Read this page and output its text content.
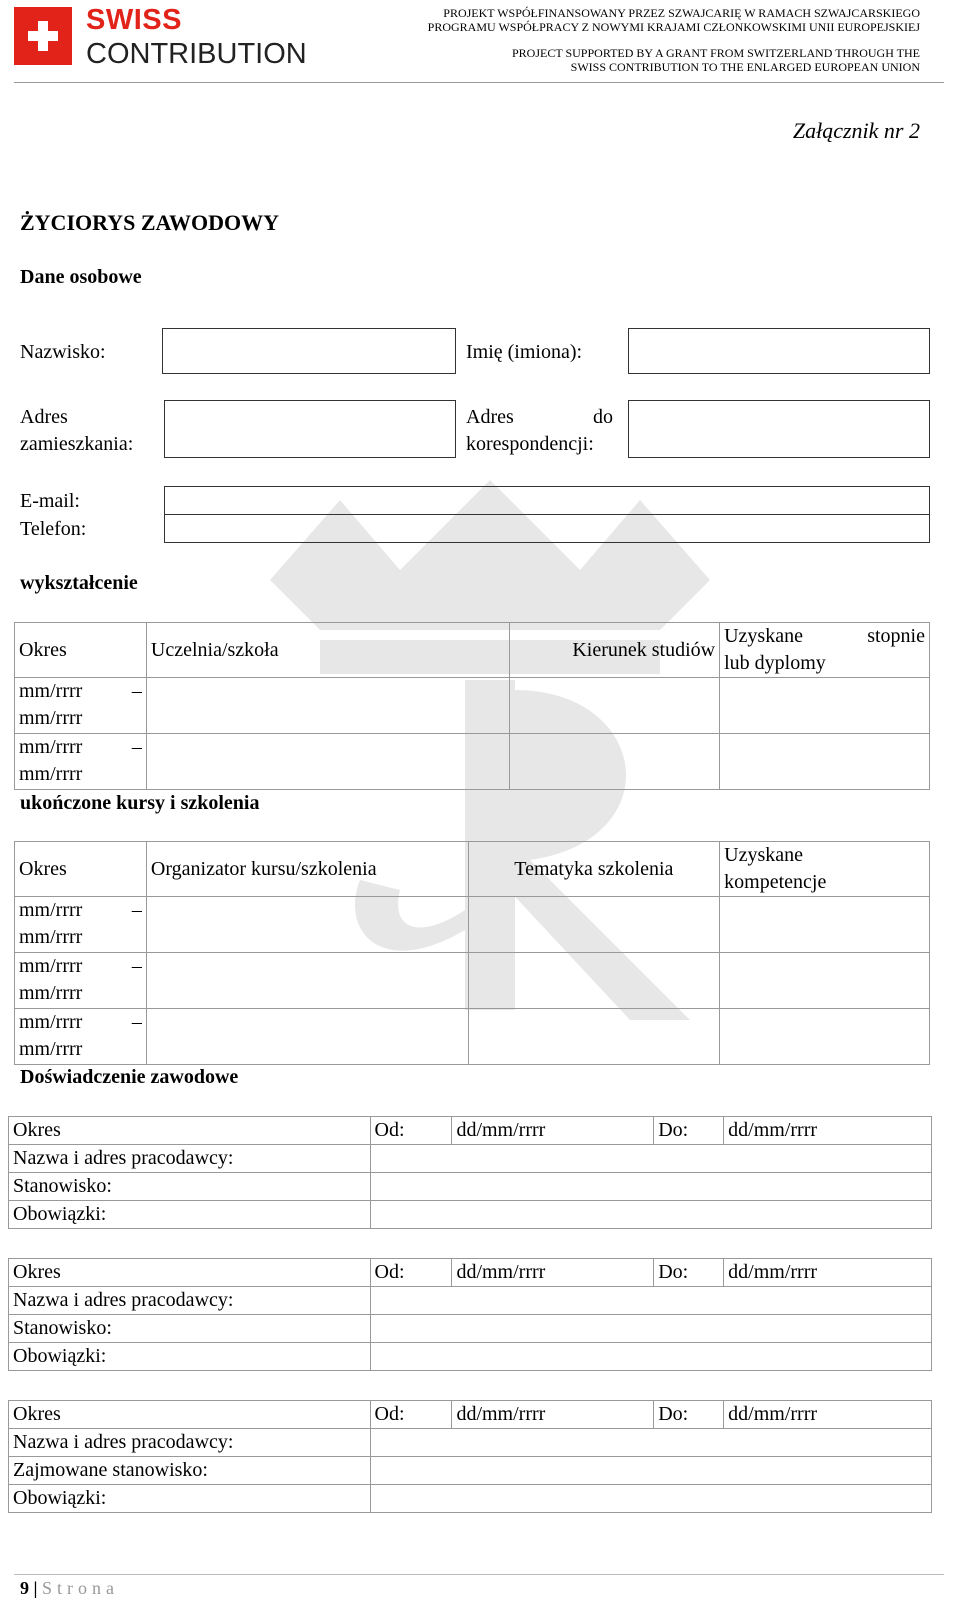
SWISS
CONTRIBUTION
PROJEKT WSPÓŁFINANSOWANY PRZEZ SZWAJCARIĘ W RAMACH SZWAJCARSKIEGO
PROGRAMU WSPÓŁPRACY Z NOWYMI KRAJAMI CZŁONKOWSKIMI UNII EUROPEJSKIEJ
PROJECT SUPPORTED BY A GRANT FROM SWITZERLAND THROUGH THE
SWISS CONTRIBUTION TO THE ENLARGED EUROPEAN UNION
Załącznik nr 2
ŻYCIORYS ZAWODOWY
Dane osobowe
Nazwisko:	Imię (imiona):
Adres
zamieszkania:
Adres	do
korespondencji:
E-mail:
Telefon:
wykształcenie
Okres	Uczelnia/szkoła	Kierunek studiów	Uzyskane stopnie
lub dyplomy

mm/rrrr –
mm/rrrr			

mm/rrrr –
mm/rrrr			

ukończone kursy i szkolenia
Okres	Organizator kursu/szkolenia	Tematyka szkolenia	Uzyskane
kompetencje

mm/rrrr –
mm/rrrr			

mm/rrrr –
mm/rrrr			

mm/rrrr –
mm/rrrr			

Doświadczenie zawodowe
Okres	Od:	dd/mm/rrrr	Do:	dd/mm/rrrr
Nazwa i adres pracodawcy:				
Stanowisko:				
Obowiązki:				
Okres	Od:	dd/mm/rrrr	Do:	dd/mm/rrrr
Nazwa i adres pracodawcy:				
Stanowisko:				
Obowiązki:				
Okres	Od:	dd/mm/rrrr	Do:	dd/mm/rrrr
Nazwa i adres pracodawcy:				
Zajmowane stanowisko:				
Obowiązki:				
9 | Strona
